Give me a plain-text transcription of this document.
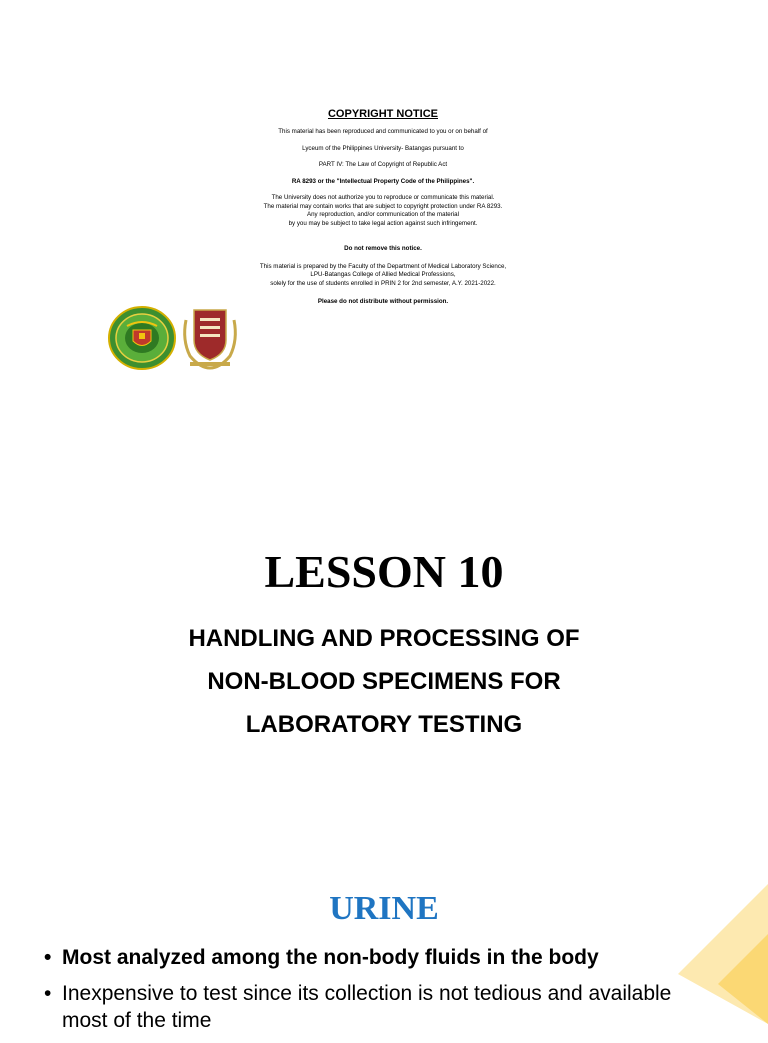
COPYRIGHT NOTICE

This material has been reproduced and communicated to you or on behalf of

Lyceum of the Philippines University- Batangas pursuant to

PART IV: The Law of Copyright of Republic Act

RA 8293 or the "Intellectual Property Code of the Philippines".

The University does not authorize you to reproduce or communicate this material.

The material may contain works that are subject to copyright protection under RA 8293.

Any reproduction, and/or communication of the material

by you may be subject to take legal action against such infringement.

Do not remove this notice.

This material is prepared by the Faculty of the Department of Medical Laboratory Science,

LPU-Batangas College of Allied Medical Professions,

solely for the use of students enrolled in PRIN 2 for 2nd semester, A.Y. 2021-2022.

Please do not distribute without permission.

LESSON 10
HANDLING AND PROCESSING OF
NON-BLOOD SPECIMENS FOR
LABORATORY TESTING
URINE
• Most analyzed among the non-body fluids in the body
• Inexpensive to test since its collection is not tedious and available most of the time
